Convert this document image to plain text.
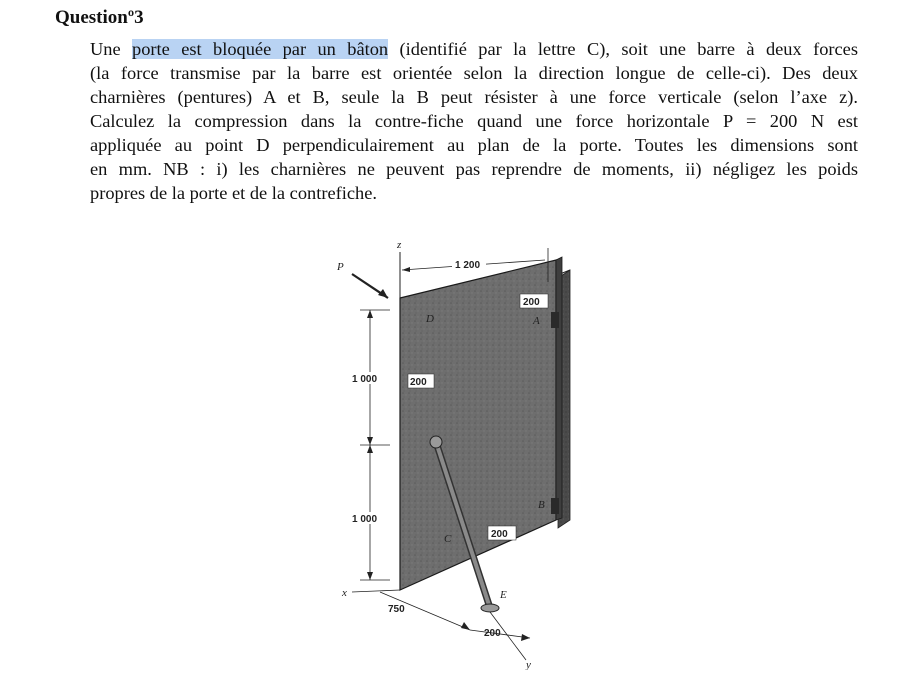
Questionº3
Une porte est bloquée par un bâton (identifié par la lettre C), soit une barre à deux forces
(la force transmise par la barre est orientée selon la direction longue de celle-ci). Des deux
charnières (pentures) A et B, seule la B peut résister à une force verticale (selon l’axe z).
Calculez la compression dans la contre-fiche quand une force horizontale P = 200 N est
appliquée au point D perpendiculairement au plan de la porte. Toutes les dimensions sont
en mm. NB : i) les charnières ne peuvent pas reprendre de moments, ii) négligez les poids
propres de la porte et de la contrefiche.
z
P	1 200
200
A
D
1 000
1 000
200
C
B
200
E
x
750
200
y
